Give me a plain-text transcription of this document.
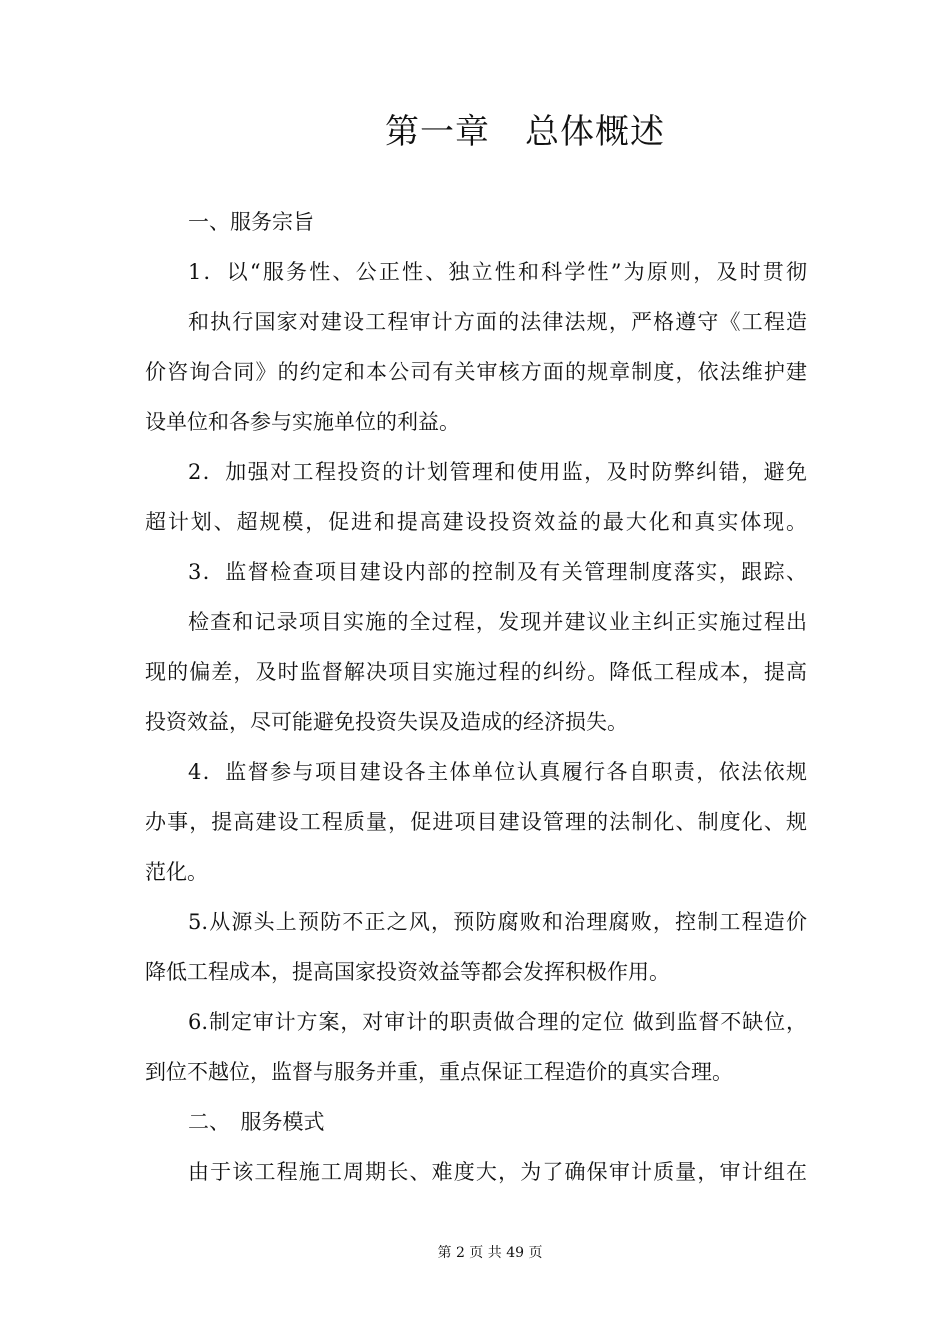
第一章　总体概述
一、服务宗旨
1．以“服务性、公正性、独立性和科学性”为原则，及时贯彻
和执行国家对建设工程审计方面的法律法规，严格遵守《工程造
价咨询合同》的约定和本公司有关审核方面的规章制度，依法维护建
设单位和各参与实施单位的利益。
2．加强对工程投资的计划管理和使用监，及时防弊纠错，避免
超计划、超规模，促进和提高建设投资效益的最大化和真实体现。
3．监督检查项目建设内部的控制及有关管理制度落实，跟踪、
检查和记录项目实施的全过程，发现并建议业主纠正实施过程出
现的偏差，及时监督解决项目实施过程的纠纷。降低工程成本，提高
投资效益，尽可能避免投资失误及造成的经济损失。
4．监督参与项目建设各主体单位认真履行各自职责，依法依规
办事，提高建设工程质量，促进项目建设管理的法制化、制度化、规
范化。
5.从源头上预防不正之风，预防腐败和治理腐败，控制工程造价
降低工程成本，提高国家投资效益等都会发挥积极作用。
6.制定审计方案，对审计的职责做合理的定位 做到监督不缺位，
到位不越位，监督与服务并重，重点保证工程造价的真实合理。
二、　服务模式
由于该工程施工周期长、难度大，为了确保审计质量，审计组在
第 2 页 共 49 页
